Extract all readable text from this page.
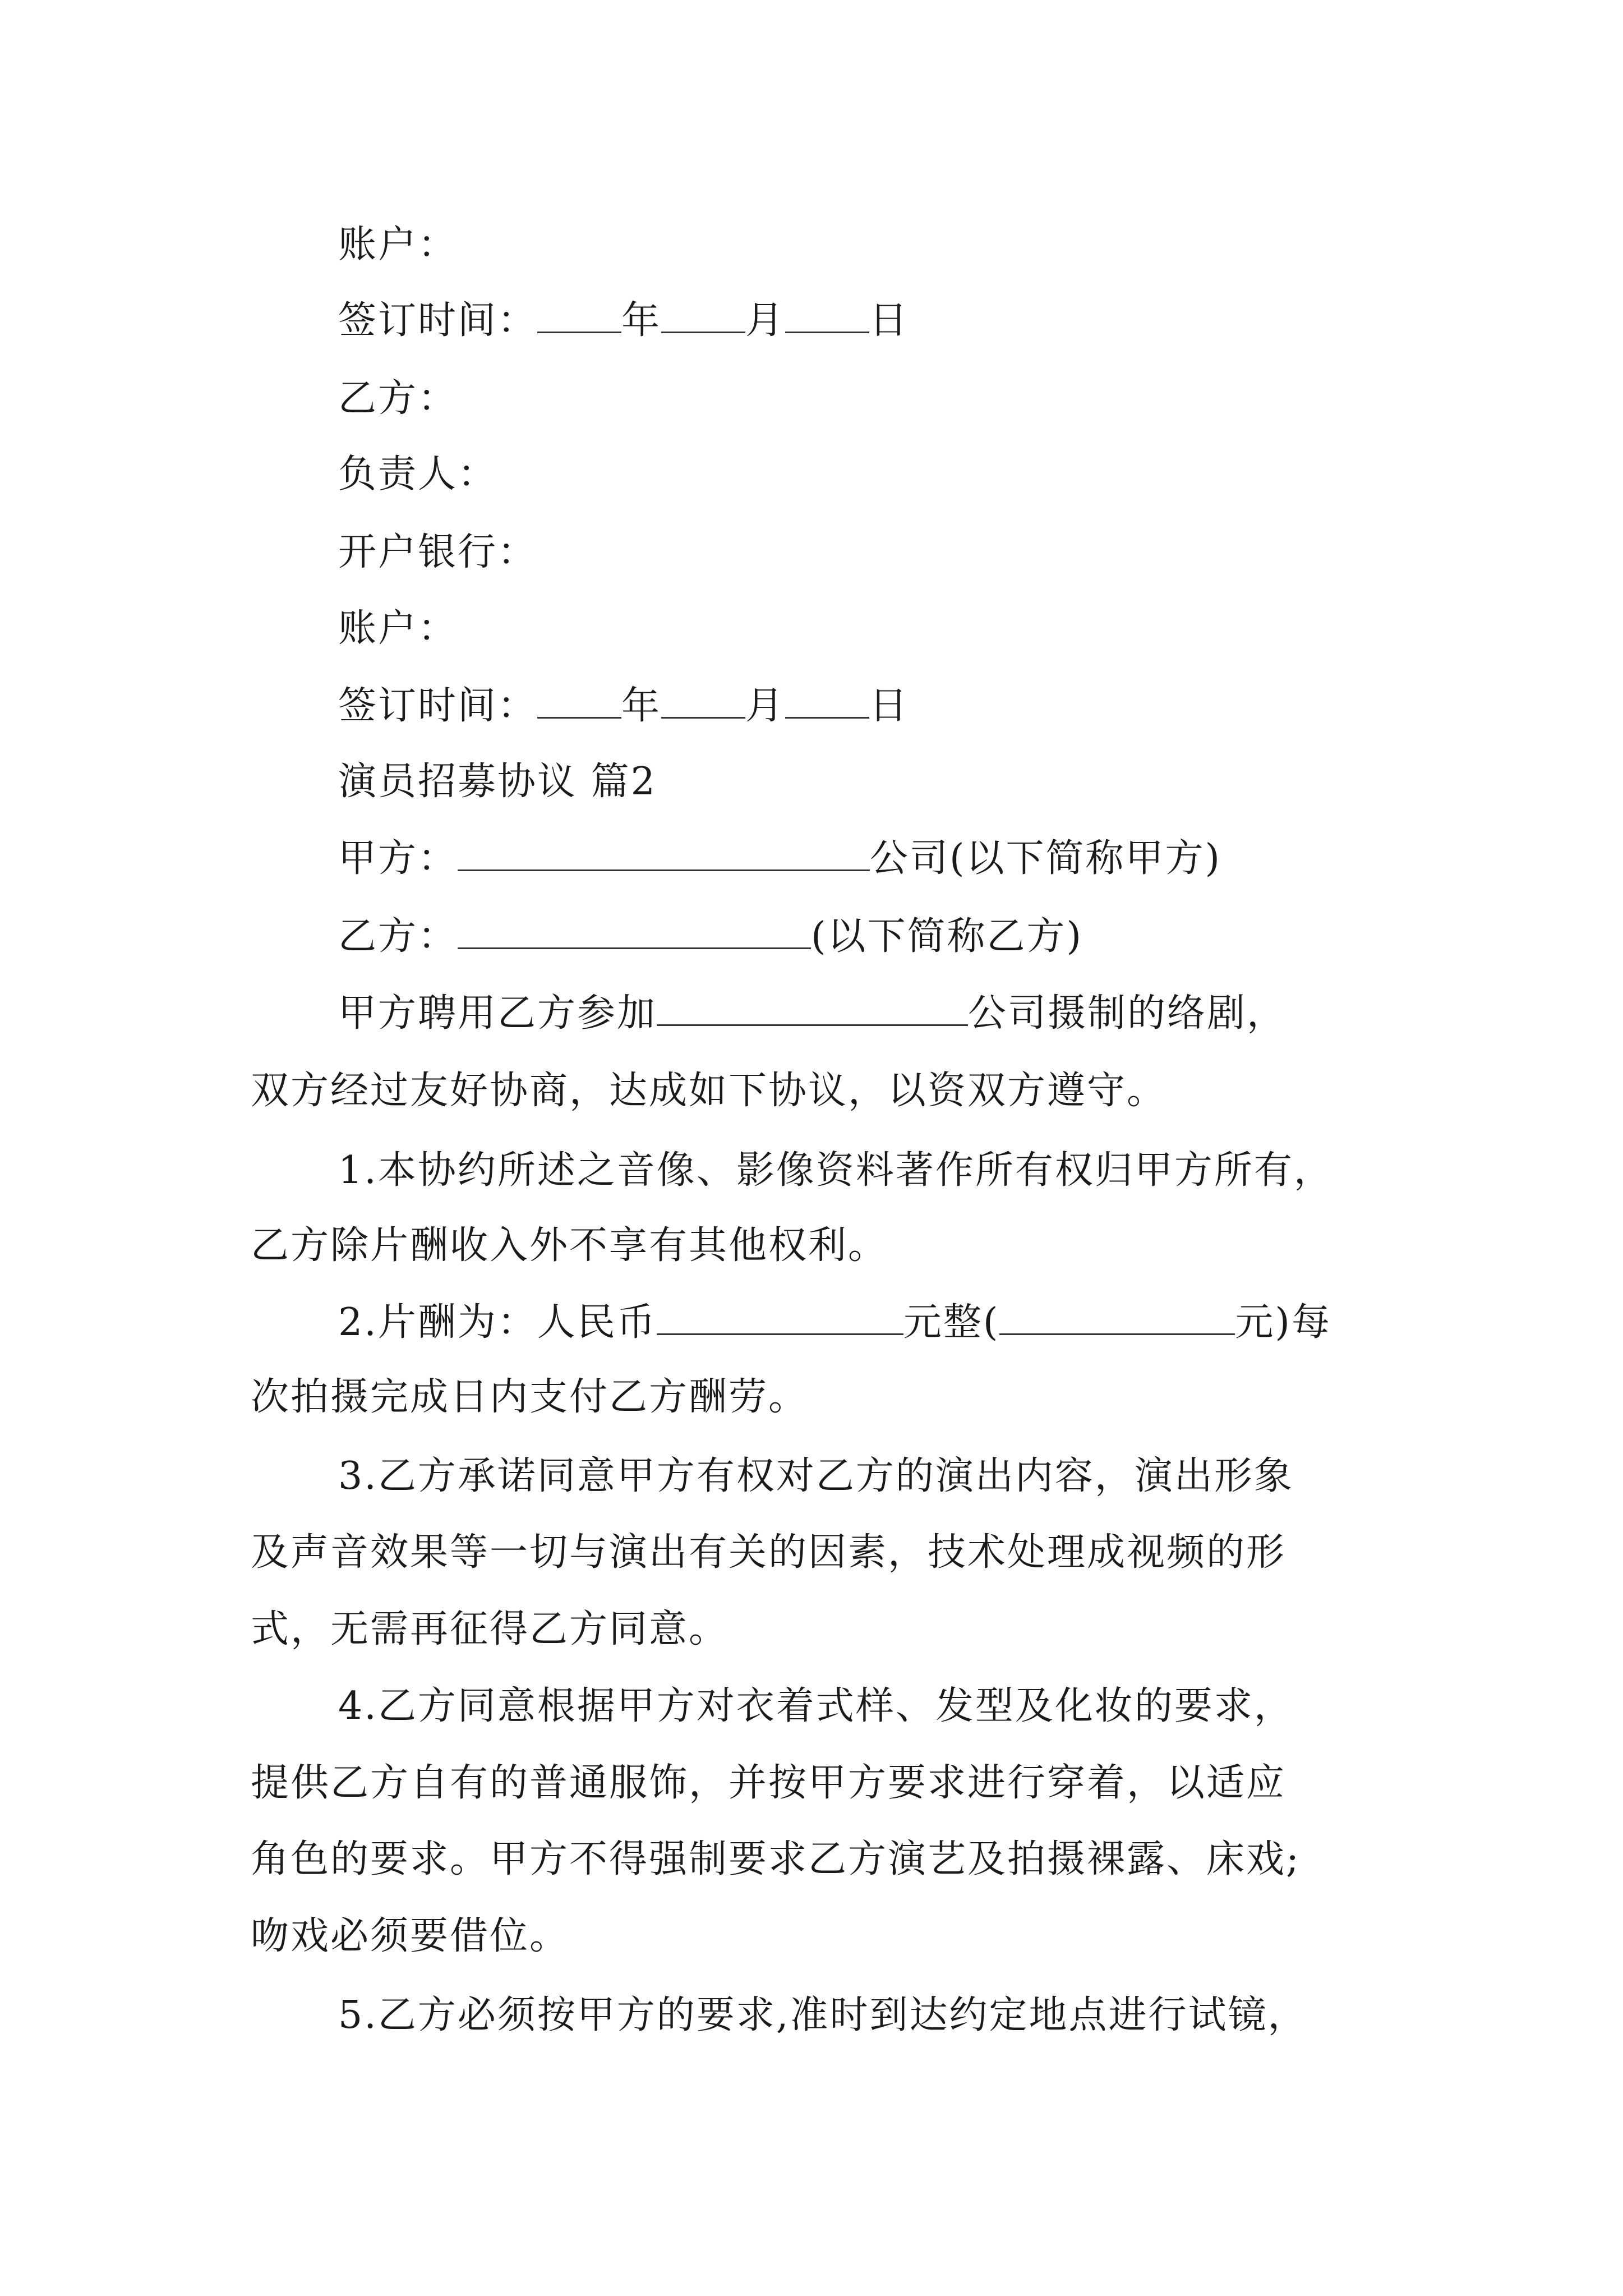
账户：
签订时间： 年 月 日
乙方：
负责人：
开户银行：
账户：
签订时间： 年 月 日
演员招募协议 篇2
甲方：	公司(以下简称甲方)
乙方：	(以下简称乙方)
甲方聘用乙方参加	公司摄制的络剧，
双方经过友好协商，达成如下协议，以资双方遵守。
1.本协约所述之音像、影像资料著作所有权归甲方所有，
乙方除片酬收入外不享有其他权利。
2.片酬为：人民币	元整(	元)每
次拍摄完成日内支付乙方酬劳。
3.乙方承诺同意甲方有权对乙方的演出内容，演出形象
及声音效果等一切与演出有关的因素，技术处理成视频的形
式，无需再征得乙方同意。
4.乙方同意根据甲方对衣着式样、发型及化妆的要求，
提供乙方自有的普通服饰，并按甲方要求进行穿着，以适应
角色的要求。甲方不得强制要求乙方演艺及拍摄裸露、床戏;
吻戏必须要借位。
5.乙方必须按甲方的要求,准时到达约定地点进行试镜，
